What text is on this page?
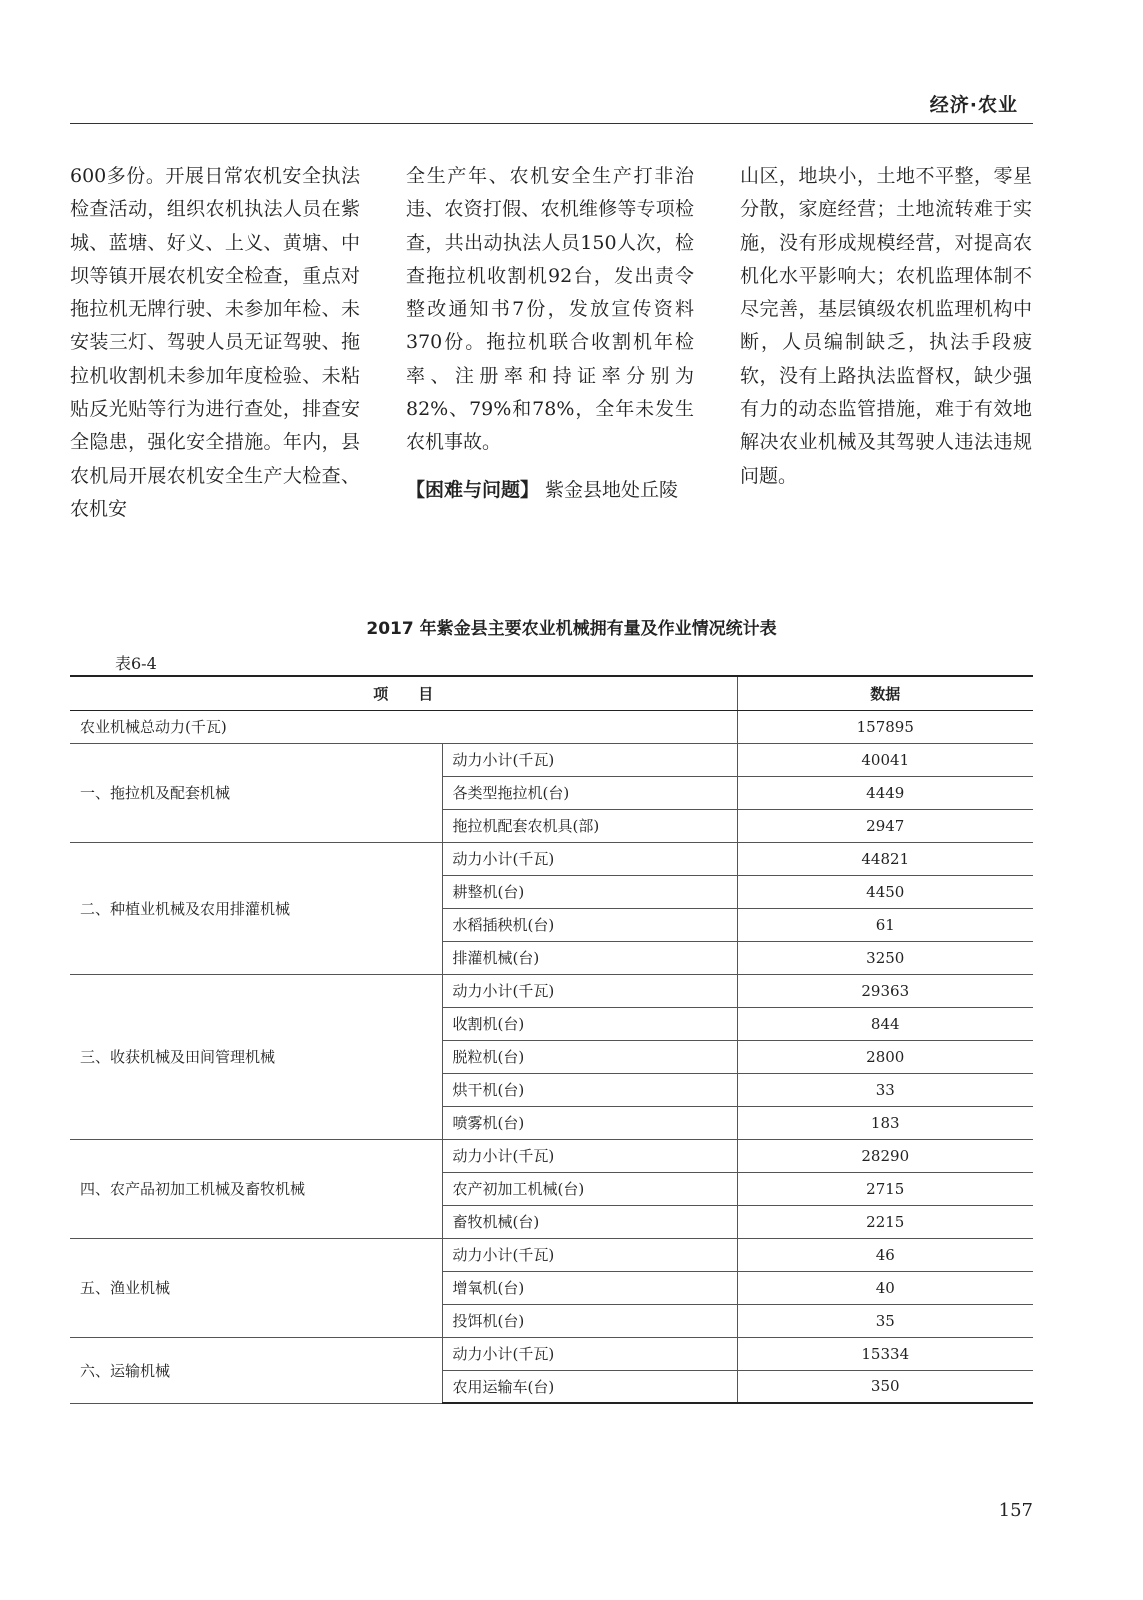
经济·农业

600多份。开展日常农机安全执法检查活动，组织农机执法人员在紫城、蓝塘、好义、上义、黄塘、中坝等镇开展农机安全检查，重点对拖拉机无牌行驶、未参加年检、未安装三灯、驾驶人员无证驾驶、拖拉机收割机未参加年度检验、未粘贴反光贴等行为进行查处，排查安全隐患，强化安全措施。年内，县农机局开展农机安全生产大检查、农机安

全生产年、农机安全生产打非治违、农资打假、农机维修等专项检查，共出动执法人员150人次，检查拖拉机收割机92台，发出责令整改通知书7份，发放宣传资料370份。拖拉机联合收割机年检率、注册率和持证率分别为82%、79%和78%，全年未发生农机事故。

【困难与问题】 紫金县地处丘陵

山区，地块小，土地不平整，零星分散，家庭经营；土地流转难于实施，没有形成规模经营，对提高农机化水平影响大；农机监理体制不尽完善，基层镇级农机监理机构中断，人员编制缺乏，执法手段疲软，没有上路执法监督权，缺少强有力的动态监管措施，难于有效地解决农业机械及其驾驶人违法违规问题。

2017 年紫金县主要农业机械拥有量及作业情况统计表
表6-4
项　　目		数据
农业机械总动力(千瓦)		157895
一、拖拉机及配套机械	动力小计(千瓦)	40041
	各类型拖拉机(台)	4449
	拖拉机配套农机具(部)	2947
二、种植业机械及农用排灌机械	动力小计(千瓦)	44821
	耕整机(台)	4450
	水稻插秧机(台)	61
	排灌机械(台)	3250
三、收获机械及田间管理机械	动力小计(千瓦)	29363
	收割机(台)	844
	脱粒机(台)	2800
	烘干机(台)	33
	喷雾机(台)	183
四、农产品初加工机械及畜牧机械	动力小计(千瓦)	28290
	农产初加工机械(台)	2715
	畜牧机械(台)	2215
五、渔业机械	动力小计(千瓦)	46
	增氧机(台)	40
	投饵机(台)	35
六、运输机械	动力小计(千瓦)	15334
	农用运输车(台)	350
157
